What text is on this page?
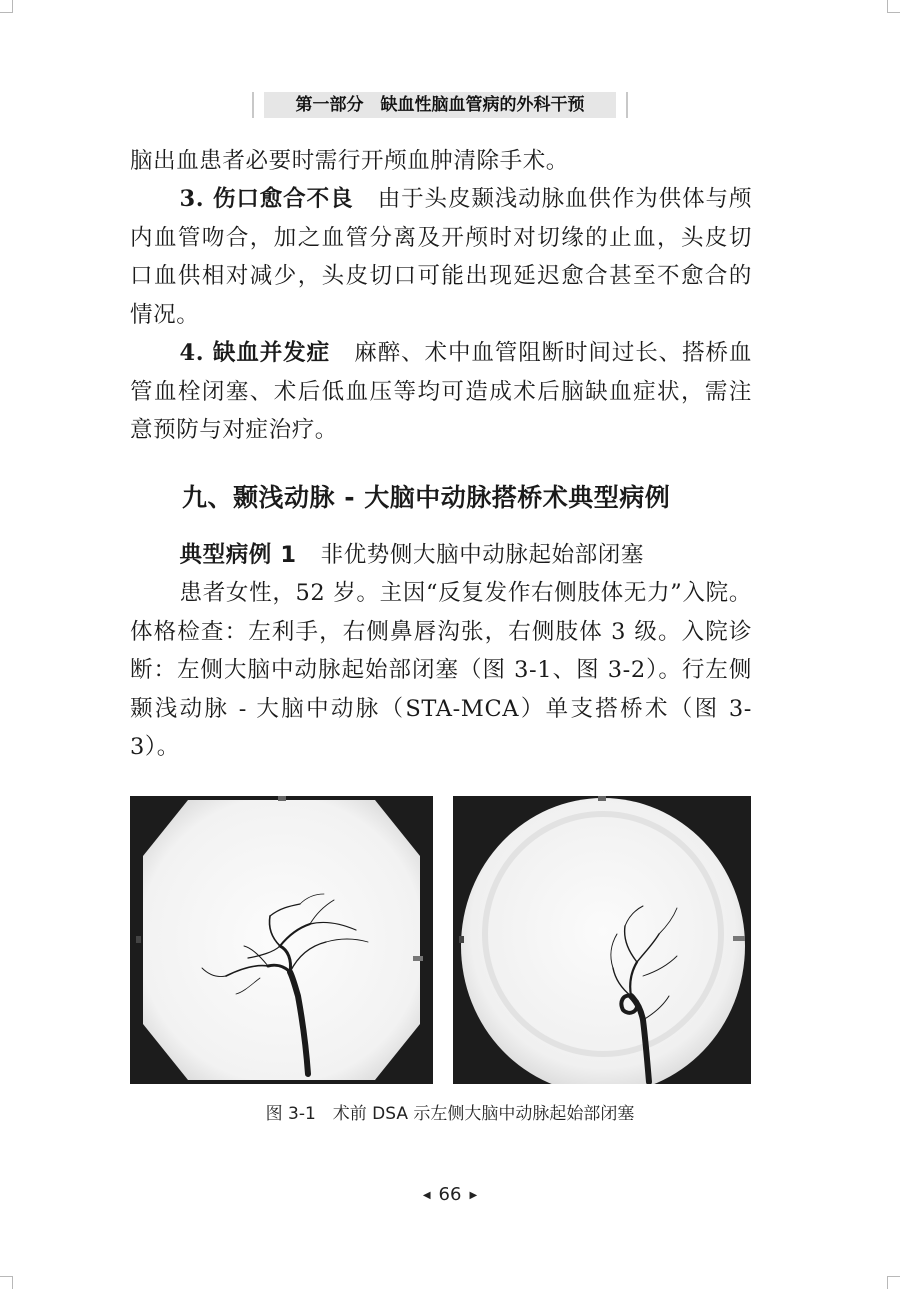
第一部分　缺血性脑血管病的外科干预

脑出血患者必要时需行开颅血肿清除手术。

3. 伤口愈合不良 由于头皮颞浅动脉血供作为供体与颅内血管吻合，加之血管分离及开颅时对切缘的止血，头皮切口血供相对减少，头皮切口可能出现延迟愈合甚至不愈合的情况。

4. 缺血并发症 麻醉、术中血管阻断时间过长、搭桥血管血栓闭塞、术后低血压等均可造成术后脑缺血症状，需注意预防与对症治疗。

九、颞浅动脉 - 大脑中动脉搭桥术典型病例

典型病例 1 非优势侧大脑中动脉起始部闭塞

患者女性，52 岁。主因“反复发作右侧肢体无力”入院。体格检查：左利手，右侧鼻唇沟张，右侧肢体 3 级。入院诊断：左侧大脑中动脉起始部闭塞（图 3-1、图 3-2）。行左侧颞浅动脉 - 大脑中动脉（STA-MCA）单支搭桥术（图 3-3）。

图 3-1　术前 DSA 示左侧大脑中动脉起始部闭塞
◀ 66 ▶
